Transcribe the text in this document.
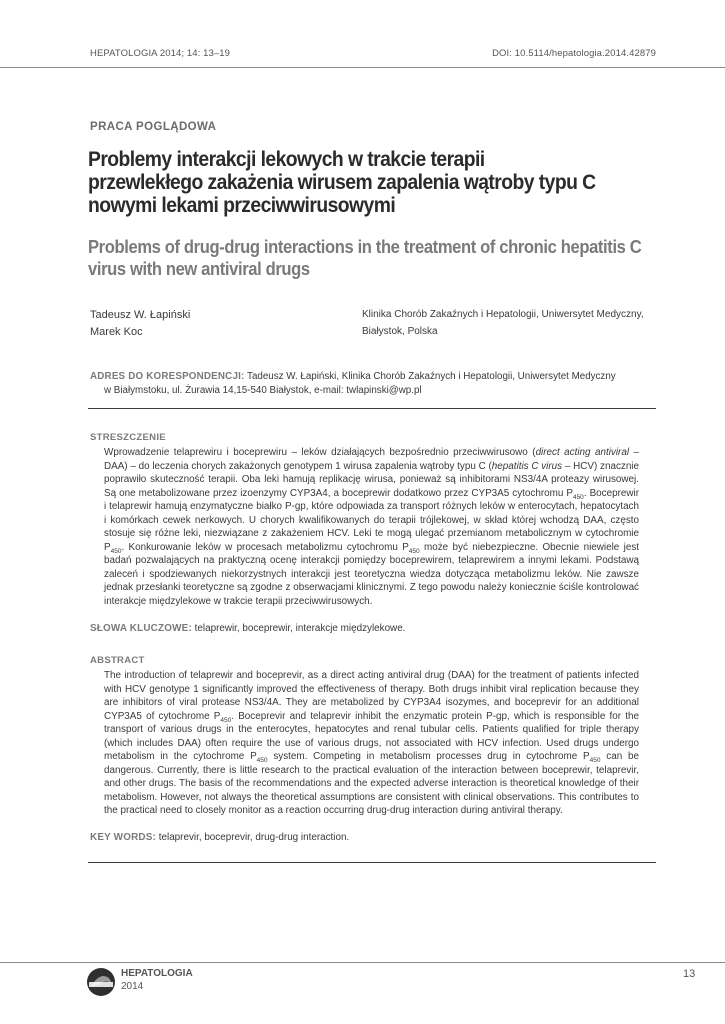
HEPATOLOGIA 2014; 14: 13–19	DOI: 10.5114/hepatologia.2014.42879
PRACA POGLĄDOWA
Problemy interakcji lekowych w trakcie terapii przewlekłego zakażenia wirusem zapalenia wątroby typu C nowymi lekami przeciwwirusowymi
Problems of drug-drug interactions in the treatment of chronic hepatitis C virus with new antiviral drugs
Tadeusz W. Łapiński
Marek Koc
Klinika Chorób Zakaźnych i Hepatologii, Uniwersytet Medyczny,
Białystok, Polska
ADRES DO KORESPONDENCJI: Tadeusz W. Łapiński, Klinika Chorób Zakaźnych i Hepatologii, Uniwersytet Medyczny
w Białymstoku, ul. Żurawia 14,15-540 Białystok, e-mail: twlapinski@wp.pl
STRESZCZENIE
Wprowadzenie telaprewiru i boceprewiru – leków działających bezpośrednio przeciwwirusowo (direct acting antiviral – DAA) – do leczenia chorych zakażonych genotypem 1 wirusa zapalenia wątroby typu C (hepatitis C virus – HCV) znacznie poprawiło skuteczność terapii. Oba leki hamują replikację wirusa, ponieważ są inhibitorami NS3/4A proteazy wirusowej. Są one metabolizowane przez izoenzymy CYP3A4, a boceprewir dodatkowo przez CYP3A5 cytochromu $P_{450}$. Boceprewir i telaprewir hamują enzymatyczne białko P-gp, które odpowiada za transport różnych leków w enterocytach, hepatocytach i komórkach cewek nerkowych. U chorych kwalifikowanych do terapii trójlekowej, w skład której wchodzą DAA, często stosuje się różne leki, niezwiązane z zakażeniem HCV. Leki te mogą ulegać przemianom metabolicznym w cytochromie $P_{450}$. Konkurowanie leków w procesach metabolizmu cytochromu $P_{450}$ może być niebezpieczne. Obecnie niewiele jest badań pozwalających na praktyczną ocenę interakcji pomiędzy boceprewirem, telaprewirem a innymi lekami. Podstawą zaleceń i spodziewanych niekorzystnych interakcji jest teoretyczna wiedza dotycząca metabolizmu leków. Nie zawsze jednak przesłanki teoretyczne są zgodne z obserwacjami klinicznymi. Z tego powodu należy koniecznie ściśle kontrolować interakcje międzylekowe w trakcie terapii przeciwwirusowych.
SŁOWA KLUCZOWE: telaprewir, boceprewir, interakcje międzylekowe.
ABSTRACT
The introduction of telaprewir and boceprevir, as a direct acting antiviral drug (DAA) for the treatment of patients infected with HCV genotype 1 significantly improved the effectiveness of therapy. Both drugs inhibit viral replication because they are inhibitors of viral protease NS3/4A. They are metabolized by CYP3A4 isozymes, and boceprevir for an additional CYP3A5 of cytochrome $P_{450}$. Boceprevir and telaprevir inhibit the enzymatic protein P-gp, which is responsible for the transport of various drugs in the enterocytes, hepatocytes and renal tubular cells. Patients qualified for triple therapy (which includes DAA) often require the use of various drugs, not associated with HCV infection. Used drugs undergo metabolism in the cytochrome $P_{450}$ system. Competing in metabolism processes drug in cytochrome $P_{450}$ can be dangerous. Currently, there is little research to the practical evaluation of the interaction between boceprewir, telaprevir, and other drugs. The basis of the recommendations and the expected adverse interaction is theoretical knowledge of their metabolism. However, not always the theoretical assumptions are consistent with clinical observations. This contributes to the practical need to closely monitor as a reaction occurring drug-drug interaction during antiviral therapy.
KEY WORDS: telaprevir, boceprevir, drug-drug interaction.
HEPATOLOGIA
2014
13
